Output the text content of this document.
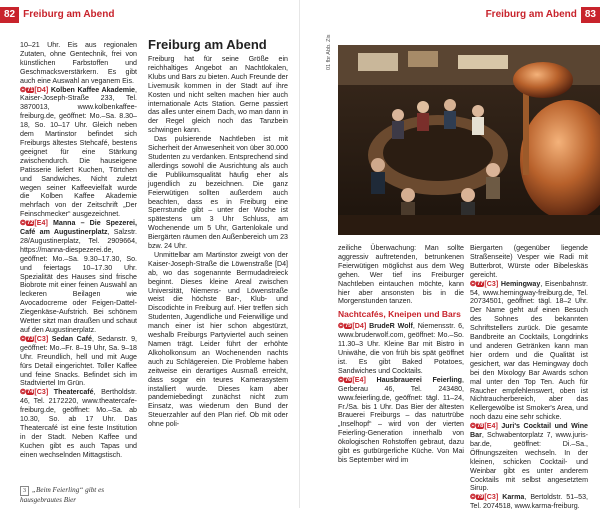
82 Freiburg am Abend

10–21 Uhr. Eis aus regionalen Zutaten, ohne Gentechnik, frei von künstlichen Farbstoffen und Geschmacksverstärkern. Es gibt auch eine Auswahl an veganem Eis.

❂71[D4] Kolben Kaffee Akademie, Kaiser-Joseph-Straße 233, Tel. 3870013, www.kolbenkaffee-freiburg.de, geöffnet: Mo.–Sa. 8.30–18, So. 10–17 Uhr. Gleich neben dem Martinstor befindet sich Freiburgs ältestes Stehcafé, bestens geeignet für eine Stärkung zwischendurch. Die hauseigene Patisserie liefert Kuchen, Törtchen und Sandwiches. Nicht zuletzt wegen seiner Kaffeevielfalt wurde die Kolben Kaffee Akademie mehrfach von der Zeitschrift „Der Feinschmecker“ ausgezeichnet.

❂72[E4] Manna – Die Spezerei, Café am Augustinerplatz, Salzstr. 28/Augustinerplatz, Tel. 2909664, https://manna-diespezerei.de, geöffnet: Mo.–Sa. 9.30–17.30, So. und feiertags 10–17.30 Uhr. Spezialität des Hauses sind frische Biobrote mit einer feinen Auswahl an leckeren Beilagen wie Avocadocreme oder Feigen-Dattel-Ziegenkäse-Aufstrich. Bei schönem Wetter sitzt man draußen und schaut auf den Augustinerplatz.

❂73[C3] Sedan Café, Sedanstr. 9, geöffnet: Mo.–Fr. 8–19 Uhr, Sa. 9–18 Uhr. Freundlich, hell und mit Auge fürs Detail eingerichtet. Toller Kaffee und feine Snacks. Befindet sich im Stadtviertel Im Grün.

❂74[C3] Theatercafé, Bertholdstr. 46, Tel. 2172220, www.theatercafe-freiburg.de, geöffnet: Mo.–Sa. ab 10.30, So. ab 17 Uhr. Das Theatercafé ist eine feste Institution in der Stadt. Neben Kaffee und Kuchen gibt es auch Tapas und einen wechselnden Mittagstisch.

3 „Beim Feierling“ gibt es hausgebrautes Bier
Freiburg am Abend

Freiburg hat für seine Größe ein reichhaltiges Angebot an Nachtlokalen, Klubs und Bars zu bieten. Auch Freunde der Livemusik kommen in der Stadt auf ihre Kosten und nicht selten machen hier auch internationale Acts Station. Gerne passiert das alles unter einem Dach, wo man dann in der Regel gleich noch das Tanzbein schwingen kann.

Das pulsierende Nachtleben ist mit Sicherheit der Anwesenheit von über 30.000 Studenten zu verdanken. Entsprechend sind allerdings sowohl die Ausrichtung als auch die Publikumsqualität häufig eher als jugendlich zu bezeichnen. Die ganz Feierwütigen sollten außerdem auch beachten, dass es in Freiburg eine Sperrstunde gibt – unter der Woche ist spätestens um 3 Uhr Schluss, am Wochenende um 5 Uhr, Gartenlokale und Biergärten räumen den Außenbereich um 23 bzw. 24 Uhr.

Unmittelbar am Martinstor zweigt von der Kaiser-Joseph-Straße die Löwenstraße [D4] ab, wo das sogenannte Bermudadreieck beginnt. Dieses kleine Areal zwischen Universität, Niemens- und Löwenstraße weist die höchste Bar-, Klub- und Discodichte in Freiburg auf. Hier treffen sich Studenten, Jugendliche und Feierwillige und manch einer ist hier schon abgestürzt, weshalb Freiburgs Partyviertel auch seinen Namen trägt. Leider führt der erhöhte Alkoholkonsum an Wochenenden nachts auch zu Schlägereien. Die Probleme haben zeitweise ein derartiges Ausmaß erreicht, dass sogar ein teures Kamerasystem installiert wurde. Dieses kam aber pandemiebedingt zunächst nicht zum Einsatz, was wiederum den Bund der Steuerzahler auf den Plan rief. Ob mit oder ohne poli-

Freiburg am Abend 83
01 fbr Abb. Zis

zeiliche Überwachung: Man sollte aggressiv auftretenden, betrunkenen Feierwütigen möglichst aus dem Weg gehen. Wer tief ins Freiburger Nachtleben eintauchen möchte, kann hier aber ansonsten bis in die Morgenstunden tanzen.

Nachtcafés, Kneipen und Bars

❂75[D4] BrudeR Wolf, Niemensstr. 6, www.bruderwolf.com, geöffnet: Mo.–So. 11.30–3 Uhr. Kleine Bar mit Bistro in Uniwähe, die von früh bis spät geöffnet ist. Es gibt Baked Potatoes, Sandwiches und Cocktails.

❂76[E4] Hausbrauerei Feierling, Gerberau 46, Tel. 243480, www.feierling.de, geöffnet: tägl. 11–24, Fr./Sa. bis 1 Uhr. Das Bier der ältesten Brauerei Freiburgs – das naturtrübe „Inselhopf“ – wird von der vierten Feierling-Generation innerhalb von ökologischen Rohstoffen gebraut, dazu gibt es gutbürgerliche Küche. Von Mai bis September wird im

Biergarten (gegenüber liegende Straßenseite) Vesper wie Radi mit Butterbrot, Würste oder Bibeleskäs gereicht.

❂77[C3] Hemingway, Eisenbahnstr. 54, www.hemingway-freiburg.de, Tel. 20734501, geöffnet: tägl. 18–2 Uhr. Der Name geht auf einen Besuch des Sohnes des bekannten Schriftstellers zurück. Die gesamte Bandbreite an Cocktails, Longdrinks und anderen Getränken kann man hier ordern und die Qualität ist gesichert, war das Hemingway doch bei den Mixology Bar Awards schon mal unter den Top Ten. Auch für Raucher empfehlenswert, oben ist Nichtraucherbereich, aber das Kellergewölbe ist Smoker's Area, und noch dazu eine sehr schicke.

❂78[E4] Juri's Cocktail und Wine Bar, Schwabentorplatz 7, www.juris-bar.de, geöffnet: Di.–Sa., Öffnungszeiten wechseln. In der kleinen, schicken Cocktail- und Weinbar gibt es unter anderem Cocktails mit selbst angesetztem Sirup.

❂79[C3] Karma, Bertoldstr. 51–53, Tel. 2074518, www.karma-freiburg.
